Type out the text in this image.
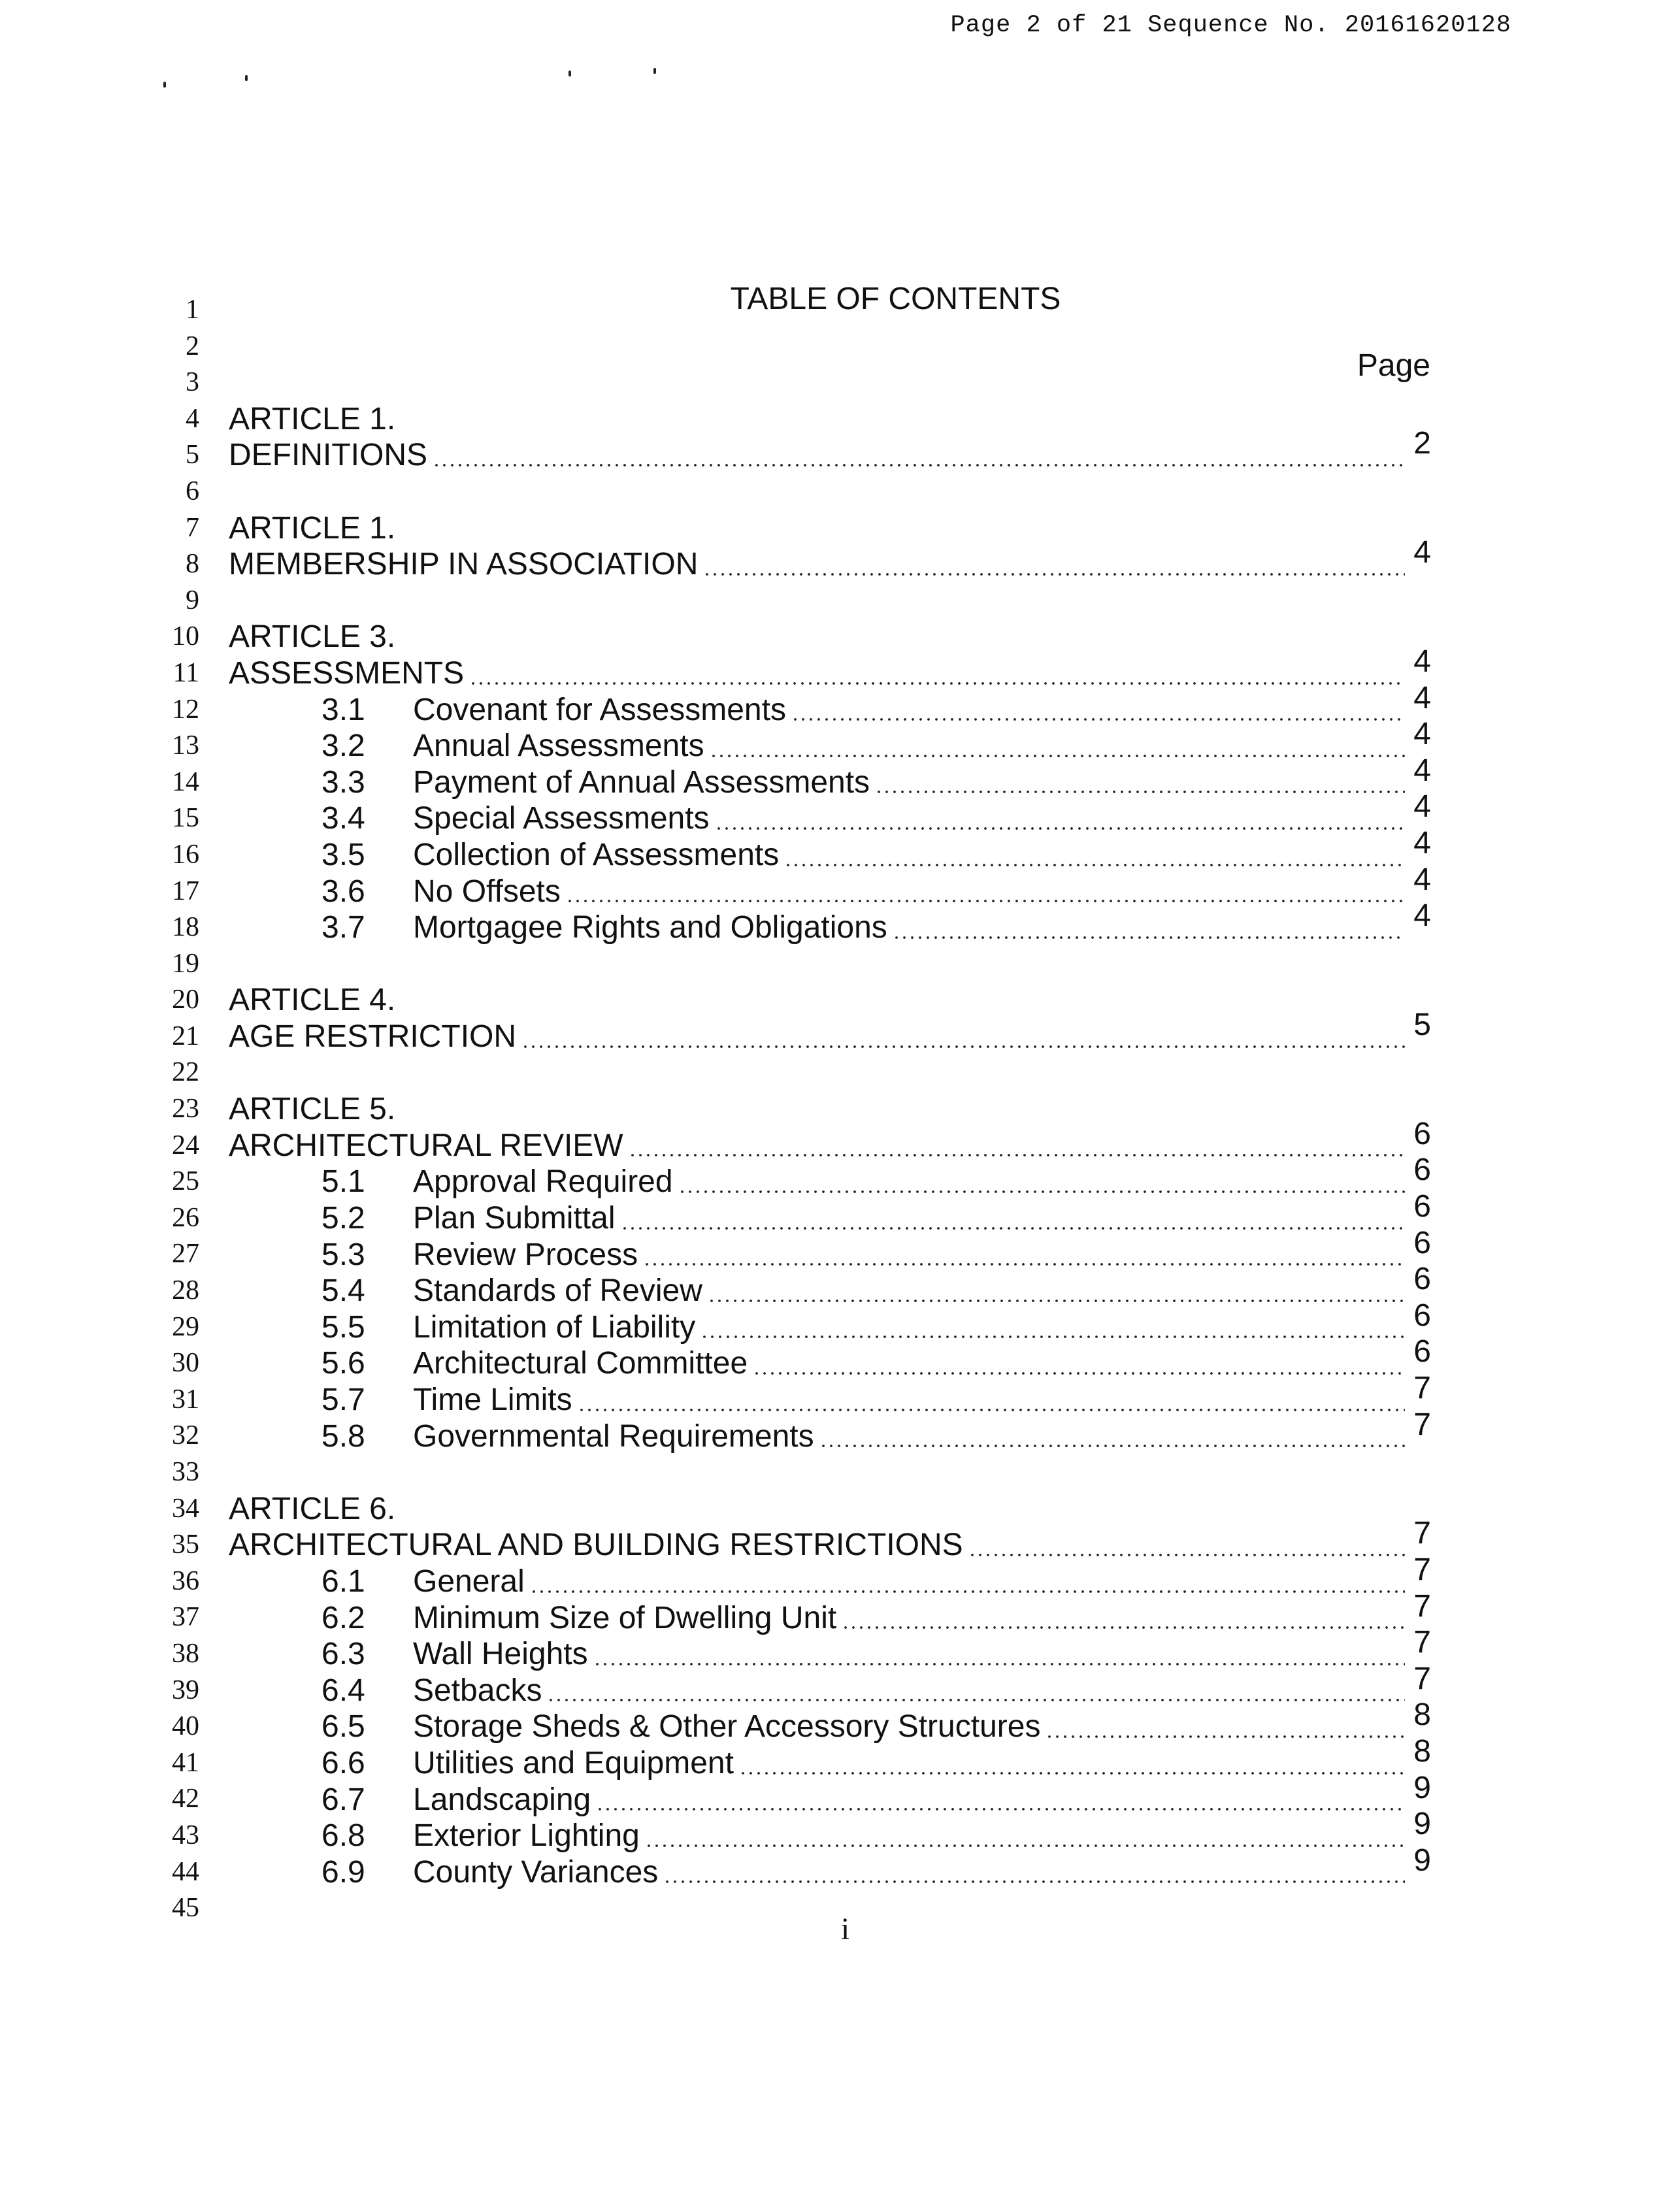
Page 2 of 21 Sequence No. 20161620128
1
2
3
4
5
6
7
8
9
10
11
12
13
14
15
16
17
18
19
20
21
22
23
24
25
26
27
28
29
30
31
32
33
34
35
36
37
38
39
40
41
42
43
44
45
TABLE OF CONTENTS
Page
ARTICLE 1.
DEFINITIONS	2
ARTICLE 1.
MEMBERSHIP IN ASSOCIATION	4
ARTICLE 3.
ASSESSMENTS	4
3.1	Covenant for Assessments	4
3.2	Annual Assessments	4
3.3	Payment of Annual Assessments	4
3.4	Special Assessments	4
3.5	Collection of Assessments	4
3.6	No Offsets	4
3.7	Mortgagee Rights and Obligations	4
ARTICLE 4.
AGE RESTRICTION	5
ARTICLE 5.
ARCHITECTURAL REVIEW	6
5.1	Approval Required	6
5.2	Plan Submittal	6
5.3	Review Process	6
5.4	Standards of Review	6
5.5	Limitation of Liability	6
5.6	Architectural Committee	6
5.7	Time Limits	7
5.8	Governmental Requirements	7
ARTICLE 6.
ARCHITECTURAL AND BUILDING RESTRICTIONS	7
6.1	General	7
6.2	Minimum Size of Dwelling Unit	7
6.3	Wall Heights	7
6.4	Setbacks	7
6.5	Storage Sheds & Other Accessory Structures	8
6.6	Utilities and Equipment	8
6.7	Landscaping	9
6.8	Exterior Lighting	9
6.9	County Variances	9
i
